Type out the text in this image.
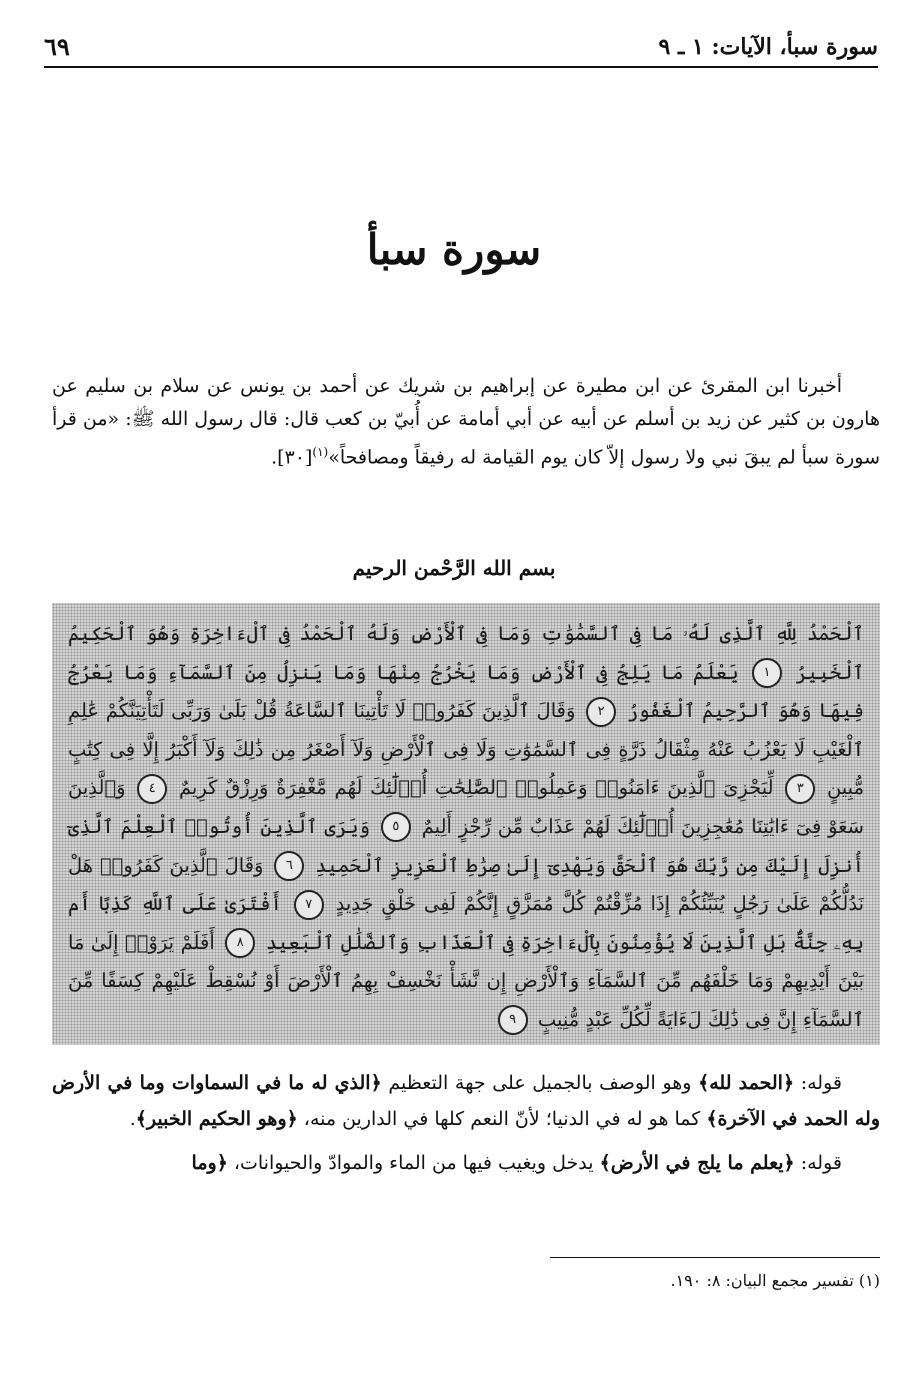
سورة سبأ، الآيات: ١ ـ ٩
٦٩
سورة سبأ

أخبرنا ابن المقرئ عن ابن مطيرة عن إبراهيم بن شريك عن أحمد بن يونس عن سلام بن سليم عن هارون بن كثير عن زيد بن أسلم عن أبيه عن أبي أمامة عن أُبيّ بن كعب قال: قال رسول الله ﷺ: «من قرأ سورة سبأ لم يبقَ نبي ولا رسول إلاّ كان يوم القيامة له رفيقاً ومصافحاً»$^{(١)}$[٣٠].

بسم الله الرَّحْمن الرحيم
ٱلْحَمْدُ لِلَّهِ ٱلَّذِى لَهُۥ مَا فِى ٱلسَّمَٰوَٰتِ وَمَا فِى ٱلْأَرْضِ وَلَهُ ٱلْحَمْدُ فِى ٱلْءَاخِرَةِ وَهُوَ ٱلْحَكِيمُ ٱلْخَبِيرُ ١ يَعْلَمُ مَا يَلِجُ فِى ٱلْأَرْضِ وَمَا يَخْرُجُ مِنْهَا وَمَا يَنزِلُ مِنَ ٱلسَّمَآءِ وَمَا يَعْرُجُ فِيهَا وَهُوَ ٱلرَّحِيمُ ٱلْغَفُورُ ٢ وَقَالَ ٱلَّذِينَ كَفَرُوا۟ لَا تَأْتِينَا ٱلسَّاعَةُ قُلْ بَلَىٰ وَرَبِّى لَتَأْتِيَنَّكُمْ عَٰلِمِ ٱلْغَيْبِ لَا يَعْزُبُ عَنْهُ مِثْقَالُ ذَرَّةٍ فِى ٱلسَّمَٰوَٰتِ وَلَا فِى ٱلْأَرْضِ وَلَآ أَصْغَرُ مِن ذَٰلِكَ وَلَآ أَكْبَرُ إِلَّا فِى كِتَٰبٍ مُّبِينٍ ٣ لِّيَجْزِىَ ٱلَّذِينَ ءَامَنُوا۟ وَعَمِلُوا۟ ٱلصَّٰلِحَٰتِ أُو۟لَٰٓئِكَ لَهُم مَّغْفِرَةٌ وَرِزْقٌ كَرِيمٌ ٤ وَٱلَّذِينَ سَعَوْ فِىٓ ءَايَٰتِنَا مُعَٰجِزِينَ أُو۟لَٰٓئِكَ لَهُمْ عَذَابٌ مِّن رِّجْزٍ أَلِيمٌ ٥ وَيَرَى ٱلَّذِينَ أُوتُوا۟ ٱلْعِلْمَ ٱلَّذِىٓ أُنزِلَ إِلَيْكَ مِن رَّبِّكَ هُوَ ٱلْحَقَّ وَيَهْدِىٓ إِلَىٰ صِرَٰطِ ٱلْعَزِيزِ ٱلْحَمِيدِ ٦ وَقَالَ ٱلَّذِينَ كَفَرُوا۟ هَلْ نَدُلُّكُمْ عَلَىٰ رَجُلٍ يُنَبِّئُكُمْ إِذَا مُزِّقْتُمْ كُلَّ مُمَزَّقٍ إِنَّكُمْ لَفِى خَلْقٍ جَدِيدٍ ٧ أَفْتَرَىٰ عَلَى ٱللَّهِ كَذِبًا أَم بِهِۦ جِنَّةٌۢ بَلِ ٱلَّذِينَ لَا يُؤْمِنُونَ بِٱلْءَاخِرَةِ فِى ٱلْعَذَابِ وَٱلضَّلَٰلِ ٱلْبَعِيدِ ٨ أَفَلَمْ يَرَوْا۟ إِلَىٰ مَا بَيْنَ أَيْدِيهِمْ وَمَا خَلْفَهُم مِّنَ ٱلسَّمَآءِ وَٱلْأَرْضِ إِن نَّشَأْ نَخْسِفْ بِهِمُ ٱلْأَرْضَ أَوْ نُسْقِطْ عَلَيْهِمْ كِسَفًا مِّنَ ٱلسَّمَآءِ إِنَّ فِى ذَٰلِكَ لَءَايَةً لِّكُلِّ عَبْدٍ مُّنِيبٍ ٩

قوله: ﴿الحمد لله﴾ وهو الوصف بالجميل على جهة التعظيم ﴿الذي له ما في السماوات وما في الأرض وله الحمد في الآخرة﴾ كما هو له في الدنيا؛ لأنّ النعم كلها في الدارين منه، ﴿وهو الحكيم الخبير﴾.

قوله: ﴿يعلم ما يلج في الأرض﴾ يدخل ويغيب فيها من الماء والموادّ والحيوانات، ﴿وما

(١) تفسير مجمع البيان: ٨: ١٩٠.
